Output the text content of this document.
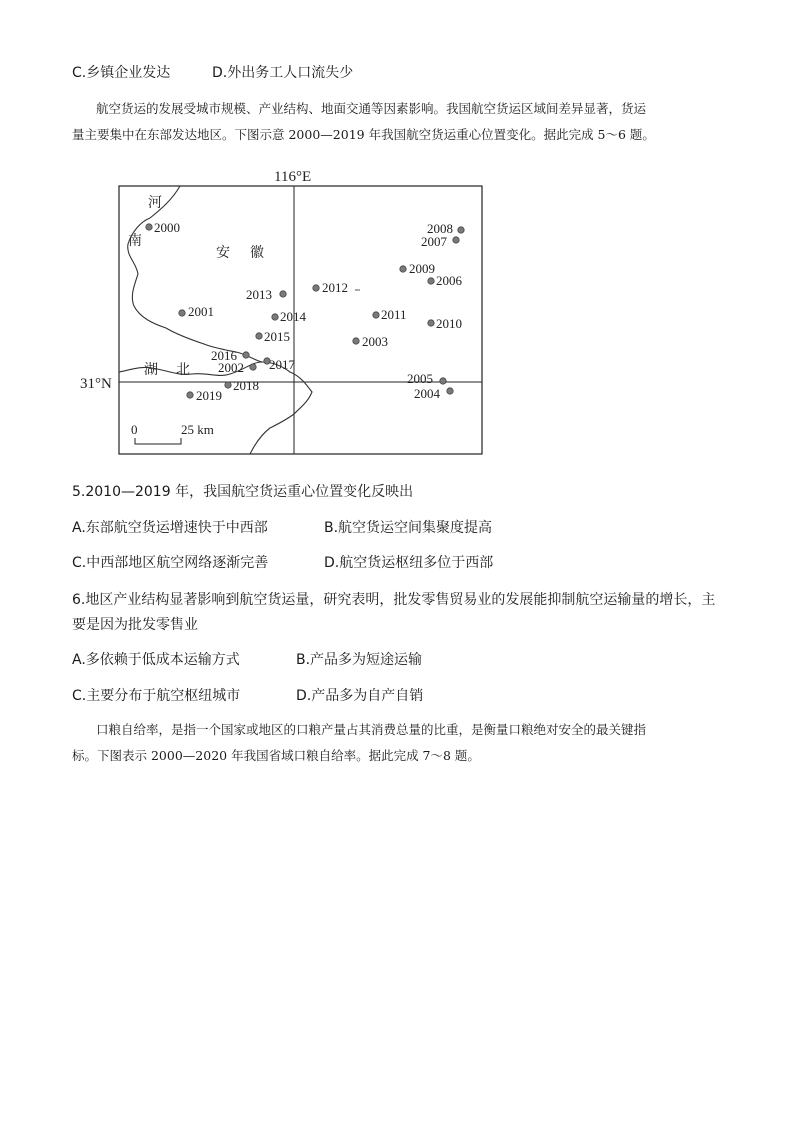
C.乡镇企业发达	D.外出务工人口流失少
航空货运的发展受城市规模、产业结构、地面交通等因素影响。我国航空货运区域间差异显著，货运
量主要集中在东部发达地区。下图示意 2000—2019 年我国航空货运重心位置变化。据此完成 5～6 题。
116°E
31°N
河
南
安 徽
湖 北
0	25 km
2000
2001
2002
2003
2004
2005
2006
2007
2008
2009
2010
2011
2012
2013
2014
2015
2016
2017
2018
2019
5.2010—2019 年，我国航空货运重心位置变化反映出
A.东部航空货运增速快于中西部	B.航空货运空间集聚度提高
C.中西部地区航空网络逐渐完善	D.航空货运枢纽多位于西部
6.地区产业结构显著影响到航空货运量，研究表明，批发零售贸易业的发展能抑制航空运输量的增长，主
要是因为批发零售业
A.多依赖于低成本运输方式	B.产品多为短途运输
C.主要分布于航空枢纽城市	D.产品多为自产自销
口粮自给率，是指一个国家或地区的口粮产量占其消费总量的比重，是衡量口粮绝对安全的最关键指
标。下图表示 2000—2020 年我国省域口粮自给率。据此完成 7～8 题。
